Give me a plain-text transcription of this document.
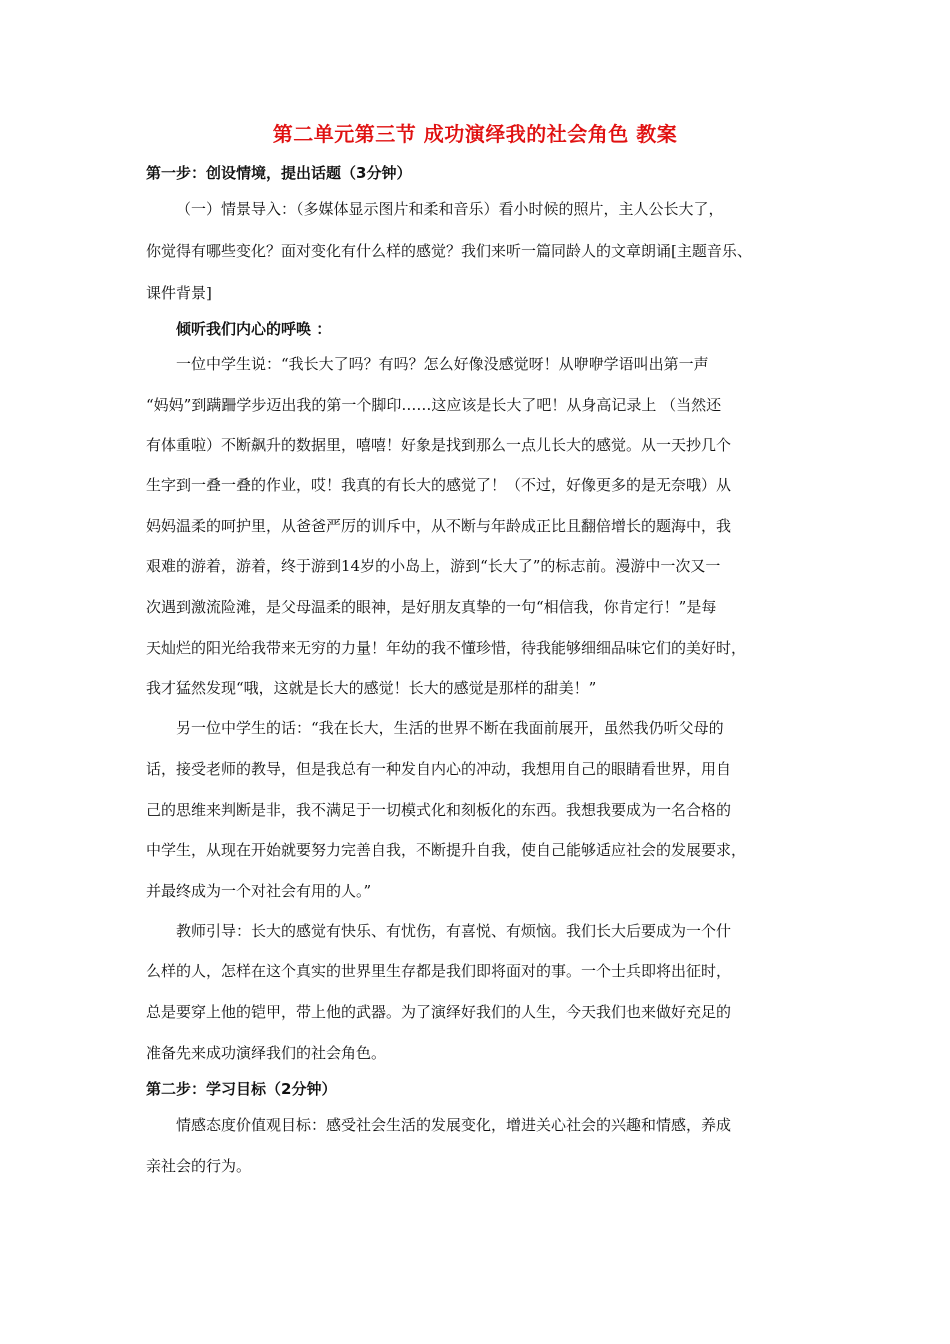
第二单元第三节 成功演绎我的社会角色 教案
第一步：创设情境，提出话题（3分钟）
（一）情景导入：（多媒体显示图片和柔和音乐）看小时候的照片，主人公长大了，
你觉得有哪些变化？面对变化有什么样的感觉？我们来听一篇同龄人的文章朗诵[主题音乐、
课件背景]
倾听我们内心的呼唤 ：
一位中学生说：“我长大了吗？有吗？怎么好像没感觉呀！从咿咿学语叫出第一声
“妈妈”到蹒跚学步迈出我的第一个脚印……这应该是长大了吧！从身高记录上 （当然还
有体重啦）不断飙升的数据里，嘻嘻！好象是找到那么一点儿长大的感觉。从一天抄几个
生字到一叠一叠的作业，哎！我真的有长大的感觉了！（不过，好像更多的是无奈哦）从
妈妈温柔的呵护里，从爸爸严厉的训斥中，从不断与年龄成正比且翻倍增长的题海中，我
艰难的游着，游着，终于游到14岁的小岛上，游到“长大了”的标志前。漫游中一次又一
次遇到激流险滩，是父母温柔的眼神，是好朋友真挚的一句“相信我，你肯定行！”是每
天灿烂的阳光给我带来无穷的力量！年幼的我不懂珍惜，待我能够细细品味它们的美好时，
我才猛然发现“哦，这就是长大的感觉！长大的感觉是那样的甜美！”
另一位中学生的话：“我在长大，生活的世界不断在我面前展开，虽然我仍听父母的
话，接受老师的教导，但是我总有一种发自内心的冲动，我想用自己的眼睛看世界，用自
己的思维来判断是非，我不满足于一切模式化和刻板化的东西。我想我要成为一名合格的
中学生，从现在开始就要努力完善自我，不断提升自我，使自己能够适应社会的发展要求，
并最终成为一个对社会有用的人。”
教师引导：长大的感觉有快乐、有忧伤，有喜悦、有烦恼。我们长大后要成为一个什
么样的人，怎样在这个真实的世界里生存都是我们即将面对的事。一个士兵即将出征时，
总是要穿上他的铠甲，带上他的武器。为了演绎好我们的人生，今天我们也来做好充足的
准备先来成功演绎我们的社会角色。
第二步：学习目标（2分钟）
情感态度价值观目标：感受社会生活的发展变化，增进关心社会的兴趣和情感，养成
亲社会的行为。
